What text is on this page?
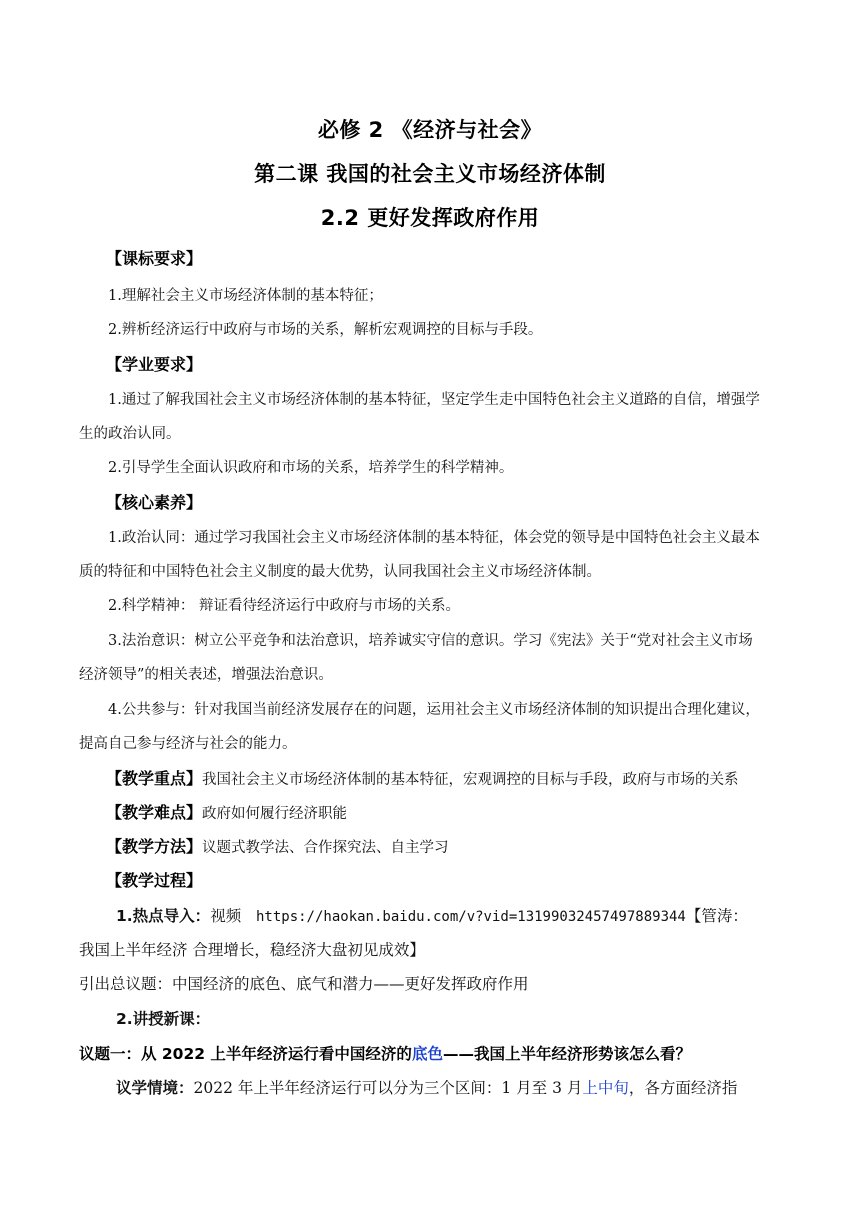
必修 2 《经济与社会》
第二课 我国的社会主义市场经济体制
2.2 更好发挥政府作用
【课标要求】
1.理解社会主义市场经济体制的基本特征；
2.辨析经济运行中政府与市场的关系，解析宏观调控的目标与手段。
【学业要求】
1.通过了解我国社会主义市场经济体制的基本特征，坚定学生走中国特色社会主义道路的自信，增强学
生的政治认同。
2.引导学生全面认识政府和市场的关系，培养学生的科学精神。
【核心素养】
1.政治认同：通过学习我国社会主义市场经济体制的基本特征，体会党的领导是中国特色社会主义最本
质的特征和中国特色社会主义制度的最大优势，认同我国社会主义市场经济体制。
2.科学精神： 辩证看待经济运行中政府与市场的关系。
3.法治意识：树立公平竞争和法治意识，培养诚实守信的意识。学习《宪法》关于“党对社会主义市场
经济领导”的相关表述，增强法治意识。
4.公共参与：针对我国当前经济发展存在的问题，运用社会主义市场经济体制的知识提出合理化建议，
提高自己参与经济与社会的能力。
【教学重点】我国社会主义市场经济体制的基本特征，宏观调控的目标与手段，政府与市场的关系
【教学难点】政府如何履行经济职能
【教学方法】议题式教学法、合作探究法、自主学习
【教学过程】
1.热点导入：视频 https://haokan.baidu.com/v?vid=13199032457497889344【管涛：
我国上半年经济 合理增长，稳经济大盘初见成效】
引出总议题：中国经济的底色、底气和潜力——更好发挥政府作用
2.讲授新课：
议题一：从 2022 上半年经济运行看中国经济的底色——我国上半年经济形势该怎么看？
议学情境：2022 年上半年经济运行可以分为三个区间：1 月至 3 月上中旬，各方面经济指
